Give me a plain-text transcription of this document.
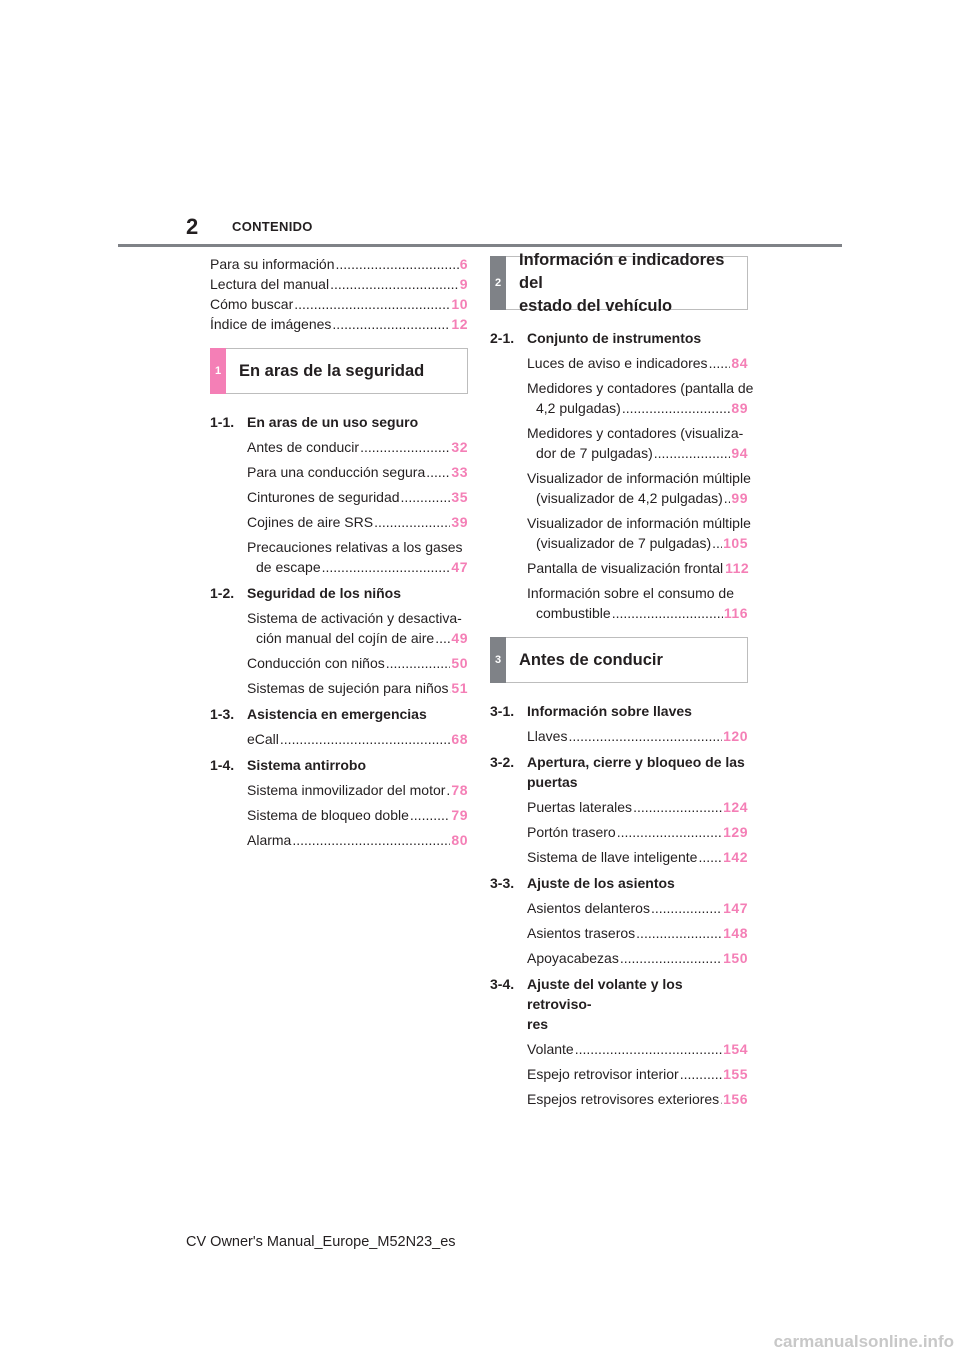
2	CONTENIDO
Para su información .....	6
Lectura del manual .....	9
Cómo buscar .....	10
Índice de imágenes .....	12
1 En aras de la seguridad
1-1. En aras de un uso seguro
Antes de conducir .....	32
Para una conducción segura ..... 33
Cinturones de seguridad .....	35
Cojines de aire SRS .....	39
Precauciones relativas a los gases
de escape .....	47
1-2. Seguridad de los niños
Sistema de activación y desactiva-
ción manual del cojín de aire ..... 49
Conducción con niños .....	50
Sistemas de sujeción para niños ..... 51
1-3. Asistencia en emergencias
eCall .....	68
1-4. Sistema antirrobo
Sistema inmovilizador del motor ..... 78
Sistema de bloqueo doble .....	79
Alarma .....	80
2
Información e indicadores del
estado del vehículo
2-1. Conjunto de instrumentos
Luces de aviso e indicadores ..... 84
Medidores y contadores (pantalla de
4,2 pulgadas) .....	89
Medidores y contadores (visualiza-
dor de 7 pulgadas) .....	94
Visualizador de información múltiple
(visualizador de 4,2 pulgadas) ..... 99
Visualizador de información múltiple
(visualizador de 7 pulgadas) ..... 105
Pantalla de visualización frontal 112
Información sobre el consumo de
combustible .....	116
3 Antes de conducir
3-1. Información sobre llaves
Llaves .....	120
3-2. Apertura, cierre y bloqueo de las
puertas
Puertas laterales .....	124
Portón trasero .....	129
Sistema de llave inteligente ..... 142
3-3. Ajuste de los asientos
Asientos delanteros .....	147
Asientos traseros .....	148
Apoyacabezas .....	150
3-4. Ajuste del volante y los retroviso-
res
Volante .....	154
Espejo retrovisor interior .....	155
Espejos retrovisores exteriores ..... 156
CV Owner's Manual_Europe_M52N23_es
carmanualsonline.info
